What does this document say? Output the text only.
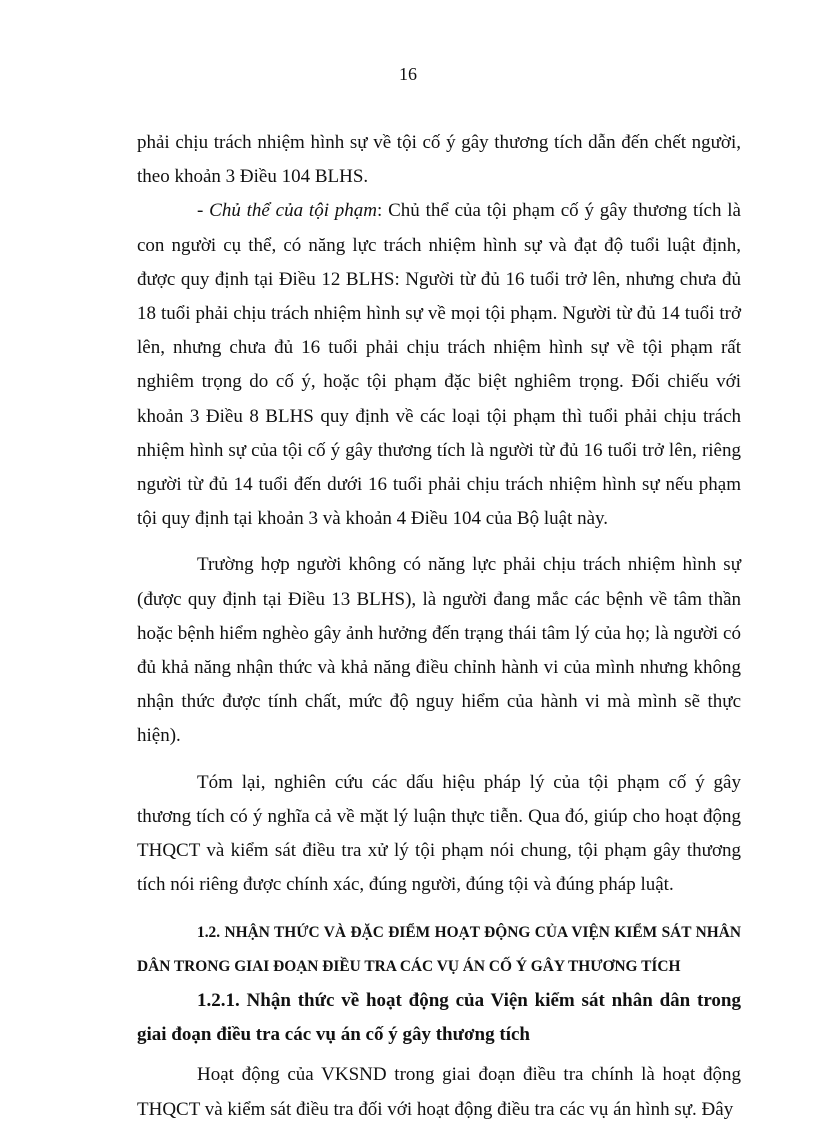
16

phải chịu trách nhiệm hình sự về tội cố ý gây thương tích dẫn đến chết người, theo khoản 3 Điều 104 BLHS.

- Chủ thể của tội phạm: Chủ thể của tội phạm cố ý gây thương tích là con người cụ thể, có năng lực trách nhiệm hình sự và đạt độ tuổi luật định, được quy định tại Điều 12 BLHS: Người từ đủ 16 tuổi trở lên, nhưng chưa đủ 18 tuổi phải chịu trách nhiệm hình sự về mọi tội phạm. Người từ đủ 14 tuổi trở lên, nhưng chưa đủ 16 tuổi phải chịu trách nhiệm hình sự về tội phạm rất nghiêm trọng do cố ý, hoặc tội phạm đặc biệt nghiêm trọng. Đối chiếu với khoản 3 Điều 8 BLHS quy định về các loại tội phạm thì tuổi phải chịu trách nhiệm hình sự của tội cố ý gây thương tích là người từ đủ 16 tuổi trở lên, riêng người từ đủ 14 tuổi đến dưới 16 tuổi phải chịu trách nhiệm hình sự nếu phạm tội quy định tại khoản 3 và khoản 4 Điều 104 của Bộ luật này.

Trường hợp người không có năng lực phải chịu trách nhiệm hình sự (được quy định tại Điều 13 BLHS), là người đang mắc các bệnh về tâm thần hoặc bệnh hiểm nghèo gây ảnh hưởng đến trạng thái tâm lý của họ; là người có đủ khả năng nhận thức và khả năng điều chỉnh hành vi của mình nhưng không nhận thức được tính chất, mức độ nguy hiểm của hành vi mà mình sẽ thực hiện).

Tóm lại, nghiên cứu các dấu hiệu pháp lý của tội phạm cố ý gây thương tích có ý nghĩa cả về mặt lý luận thực tiễn. Qua đó, giúp cho hoạt động THQCT và kiểm sát điều tra xử lý tội phạm nói chung, tội phạm gây thương tích nói riêng được chính xác, đúng người, đúng tội và đúng pháp luật.

1.2. NHẬN THỨC VÀ ĐẶC ĐIỂM HOẠT ĐỘNG CỦA VIỆN KIỂM SÁT NHÂN DÂN TRONG GIAI ĐOẠN ĐIỀU TRA CÁC VỤ ÁN CỐ Ý GÂY THƯƠNG TÍCH
1.2.1. Nhận thức về hoạt động của Viện kiểm sát nhân dân trong giai đoạn điều tra các vụ án cố ý gây thương tích

Hoạt động của VKSND trong giai đoạn điều tra chính là hoạt động THQCT và kiểm sát điều tra đối với hoạt động điều tra các vụ án hình sự. Đây
